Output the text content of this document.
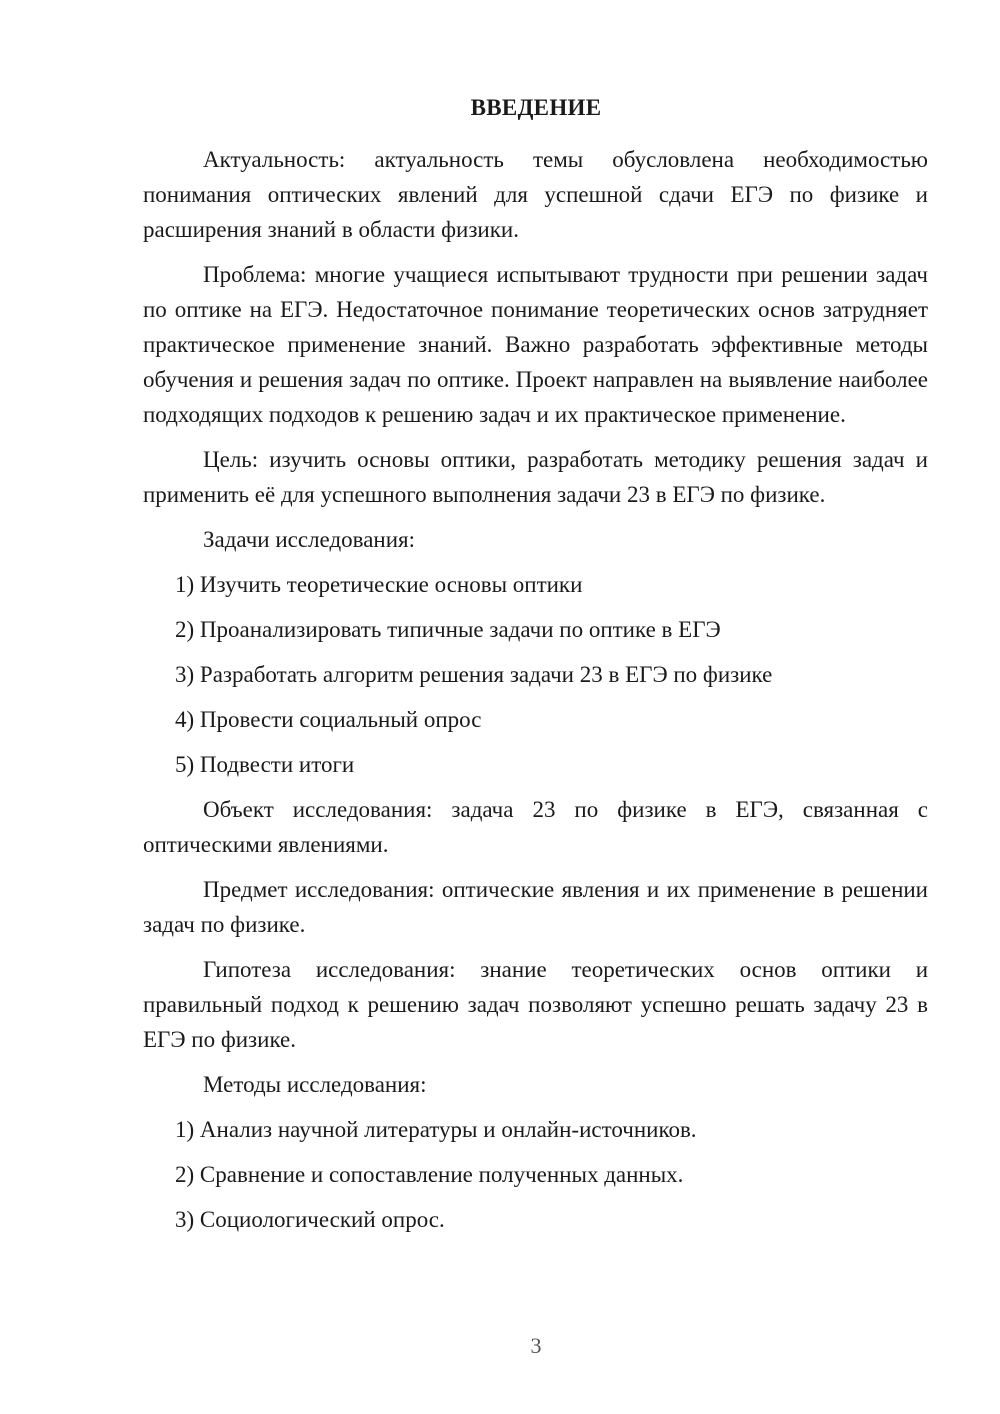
ВВЕДЕНИЕ

Актуальность: актуальность темы обусловлена необходимостью понимания оптических явлений для успешной сдачи ЕГЭ по физике и расширения знаний в области физики.

Проблема: многие учащиеся испытывают трудности при решении задач по оптике на ЕГЭ. Недостаточное понимание теоретических основ затрудняет практическое применение знаний. Важно разработать эффективные методы обучения и решения задач по оптике. Проект направлен на выявление наиболее подходящих подходов к решению задач и их практическое применение.

Цель: изучить основы оптики, разработать методику решения задач и применить её для успешного выполнения задачи 23 в ЕГЭ по физике.

Задачи исследования:

1) Изучить теоретические основы оптики

2) Проанализировать типичные задачи по оптике в ЕГЭ

3) Разработать алгоритм решения задачи 23 в ЕГЭ по физике

4) Провести социальный опрос

5) Подвести итоги

Объект исследования: задача 23 по физике в ЕГЭ, связанная с оптическими явлениями.

Предмет исследования: оптические явления и их применение в решении задач по физике.

Гипотеза исследования: знание теоретических основ оптики и правильный подход к решению задач позволяют успешно решать задачу 23 в ЕГЭ по физике.

Методы исследования:

1) Анализ научной литературы и онлайн-источников.

2) Сравнение и сопоставление полученных данных.

3) Социологический опрос.

3
